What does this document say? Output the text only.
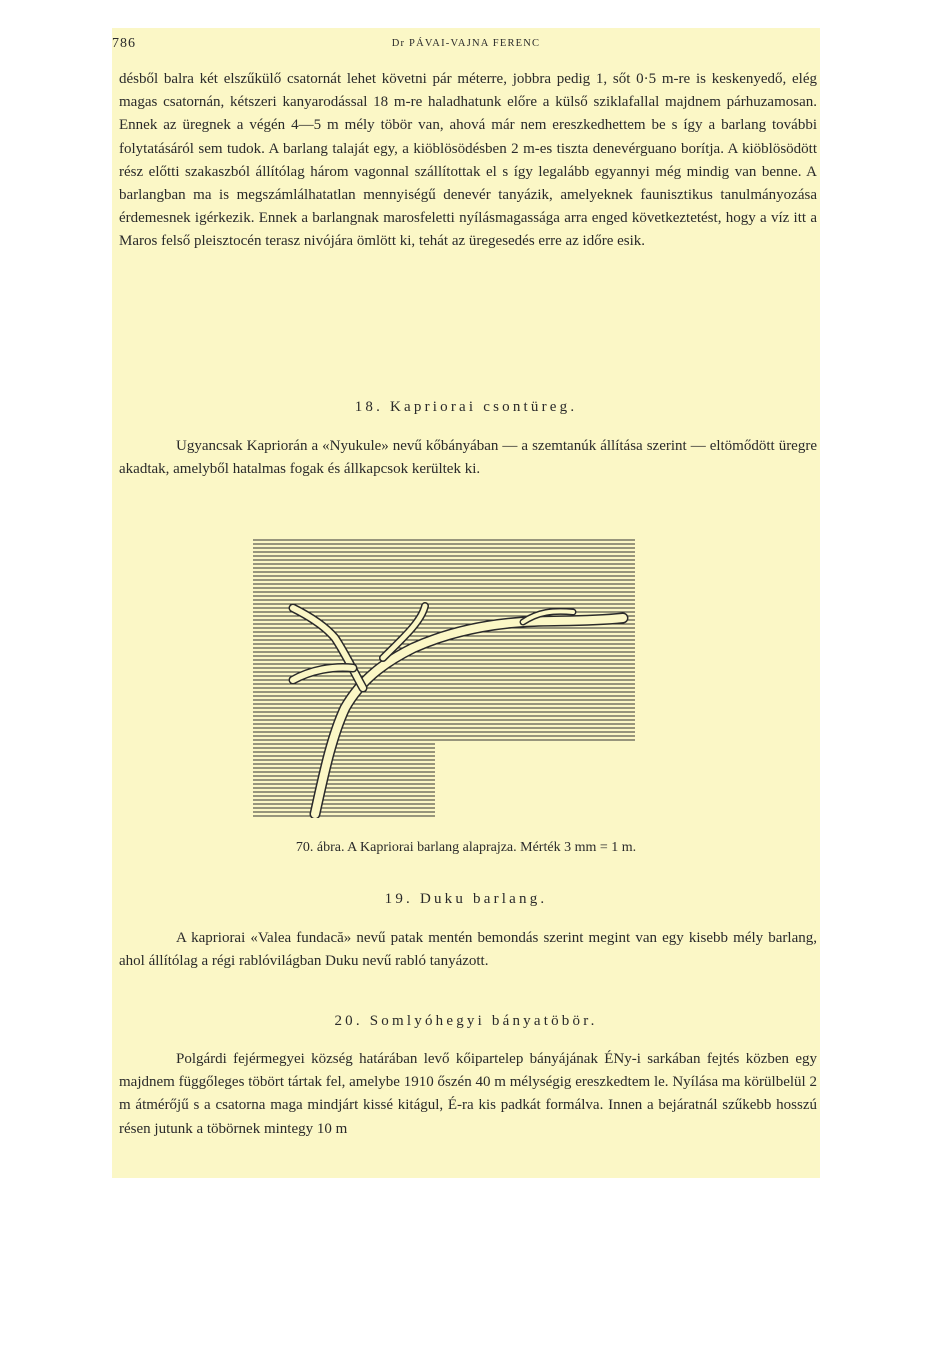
786	Dr PÁVAI-VAJNA FERENC

désből balra két elszűkülő csatornát lehet követni pár méterre, jobbra pedig 1, sőt 0·5 m-re is keskenyedő, elég magas csatornán, kétszeri kanyarodással 18 m-re haladhatunk előre a külső sziklafallal majdnem párhuzamosan. Ennek az üregnek a végén 4—5 m mély töbör van, ahová már nem ereszkedhettem be s így a barlang további folytatásáról sem tudok. A barlang talaját egy, a kiöblösödésben 2 m-es tiszta denevérguano borítja. A kiöblösödött rész előtti szakaszból állítólag három vagonnal szállítottak el s így legalább egyannyi még mindig van benne. A barlangban ma is megszámlálhatatlan mennyiségű denevér tanyázik, amelyeknek faunisztikus tanulmányozása érdemesnek igérkezik. Ennek a barlangnak marosfeletti nyílásmagassága arra enged következtetést, hogy a víz itt a Maros felső pleisztocén terasz nivójára ömlött ki, tehát az üregesedés erre az időre esik.

18. Kapriorai csontüreg.

Ugyancsak Kapriorán a «Nyukule» nevű kőbányában — a szemtanúk állítása szerint — eltömődött üregre akadtak, amelyből hatalmas fogak és állkapcsok kerültek ki.

70. ábra. A Kapriorai barlang alaprajza. Mérték 3 mm = 1 m.

19. Duku barlang.

A kapriorai «Valea fundacă» nevű patak mentén bemondás szerint megint van egy kisebb mély barlang, ahol állítólag a régi rablóvilágban Duku nevű rabló tanyázott.

20. Somlyóhegyi bányatöbör.

Polgárdi fejérmegyei község határában levő kőipartelep bányájának ÉNy-i sarkában fejtés közben egy majdnem függőleges töbört tártak fel, amelybe 1910 őszén 40 m mélységig ereszkedtem le. Nyílása ma körülbelül 2 m átmérőjű s a csatorna maga mindjárt kissé kitágul, É-ra kis padkát formálva. Innen a bejáratnál szűkebb hosszú résen jutunk a töbörnek mintegy 10 m
